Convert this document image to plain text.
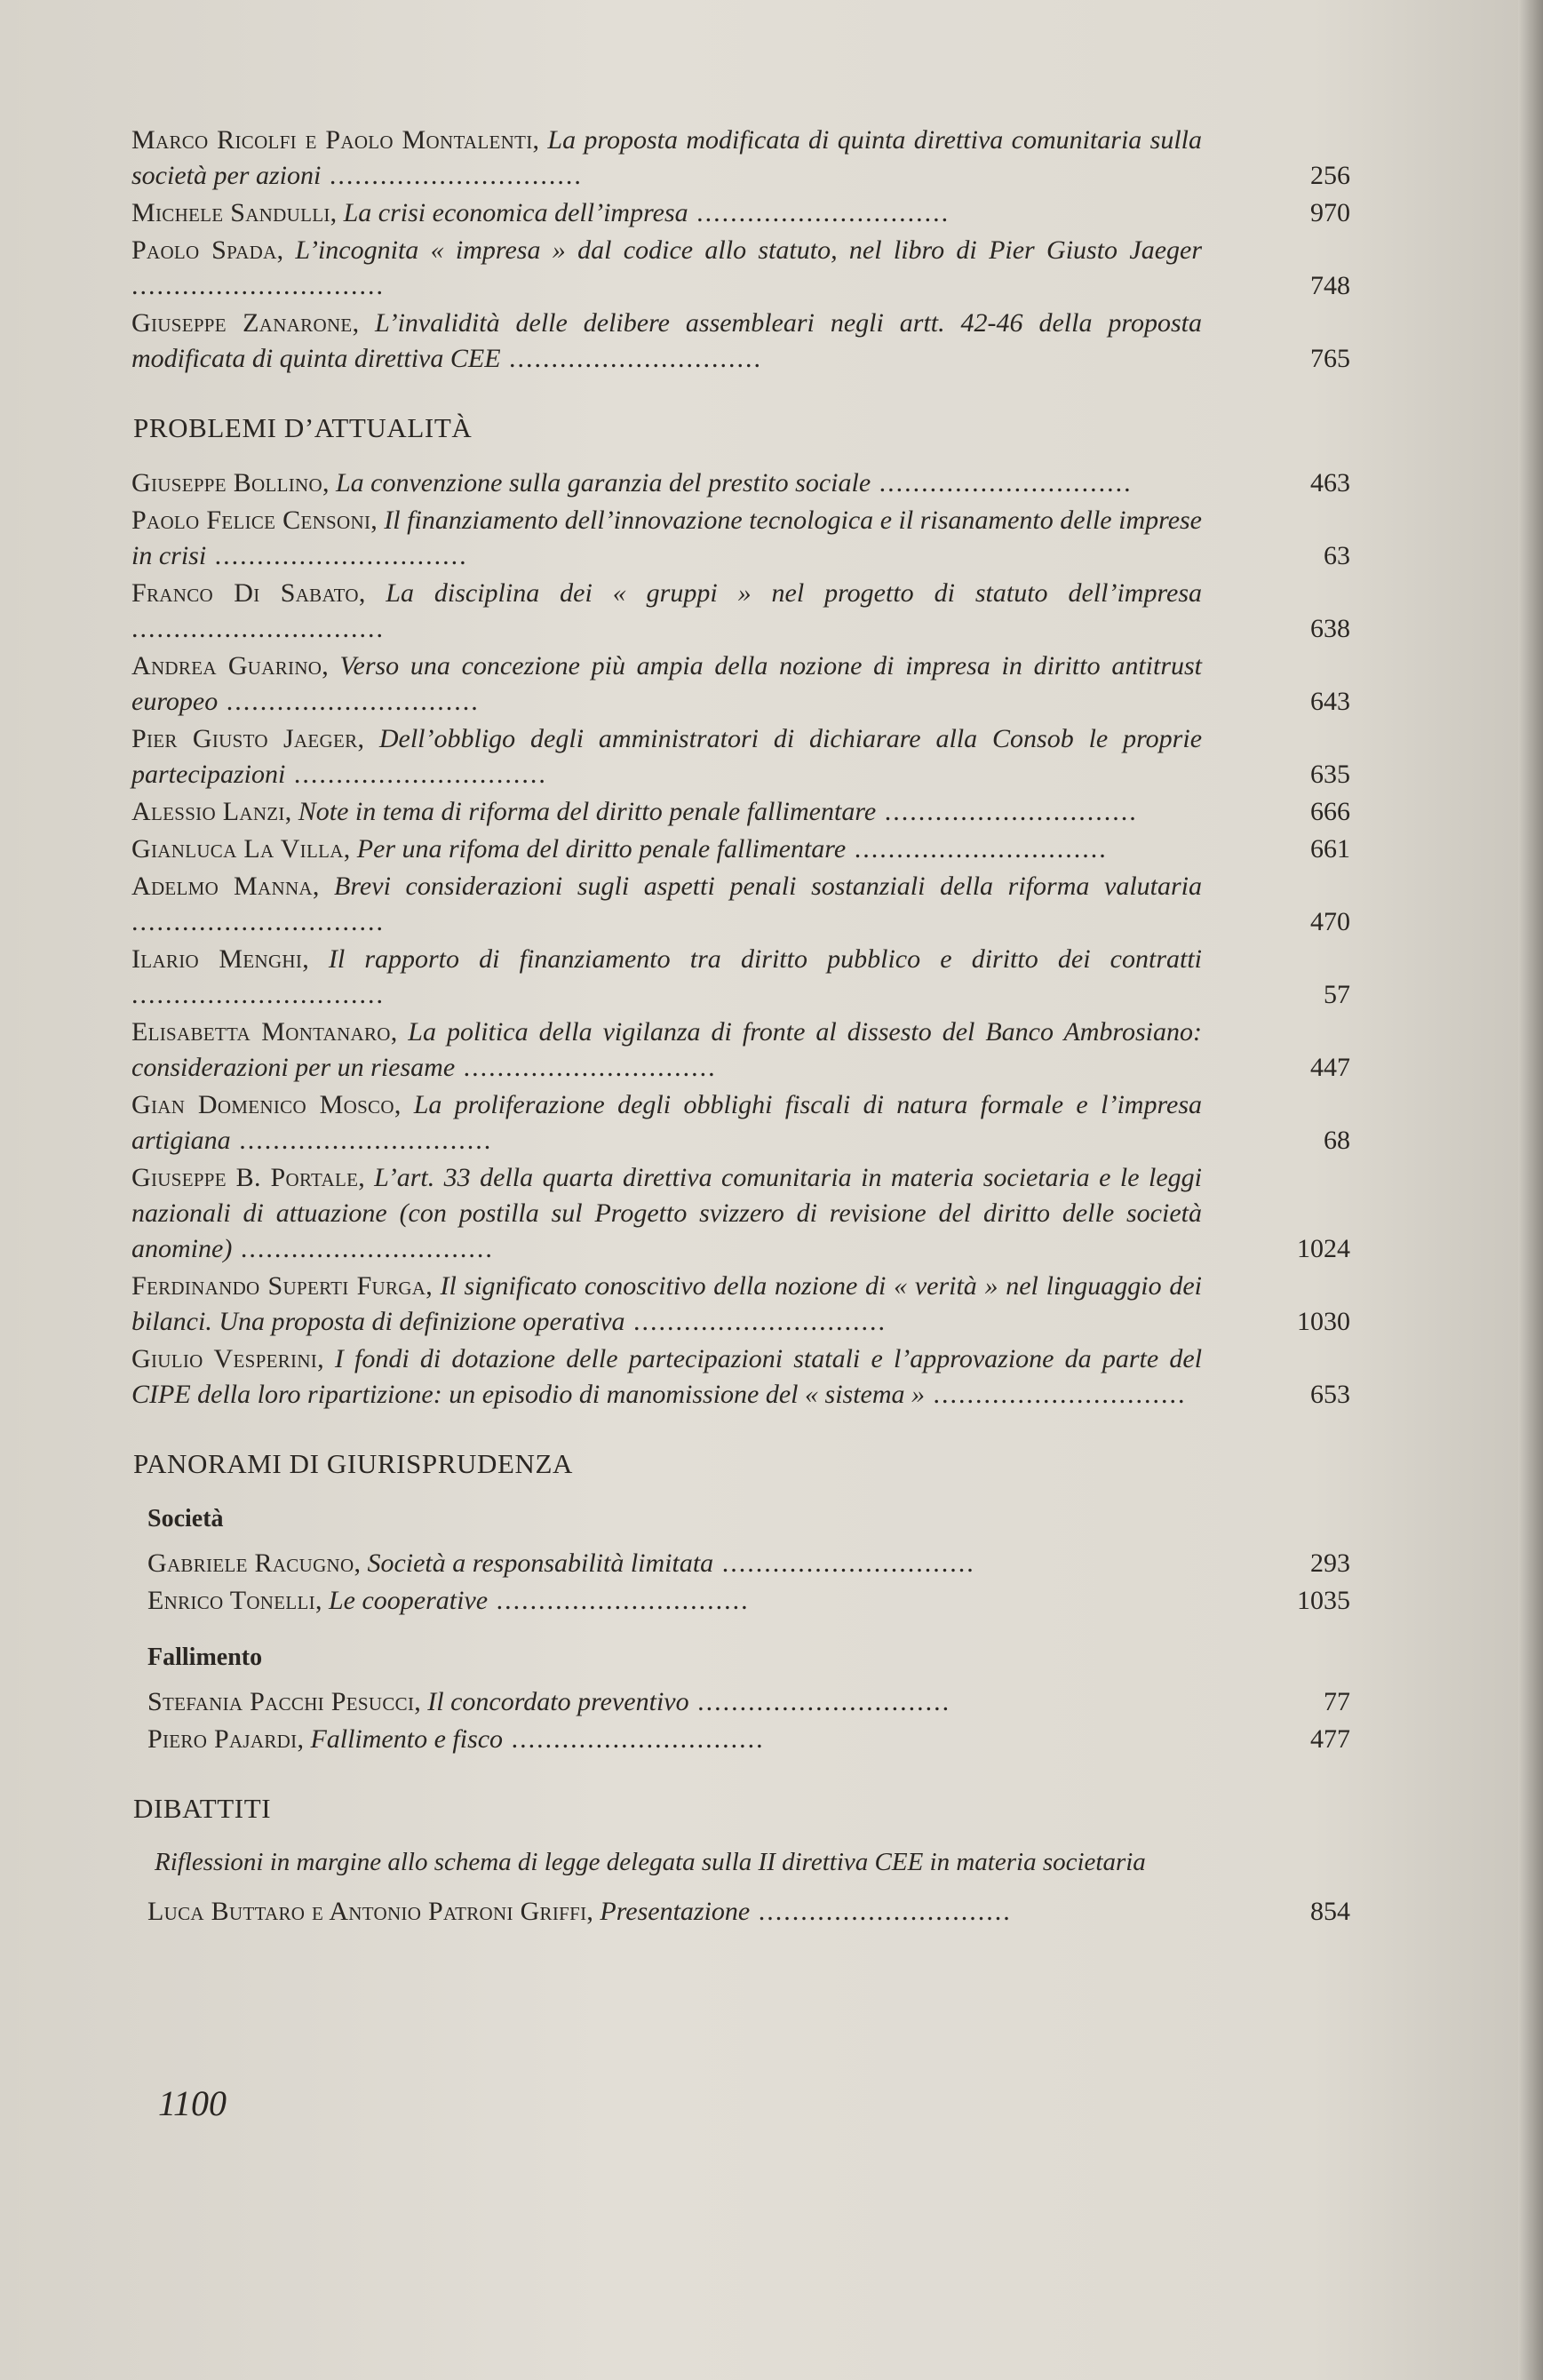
Marco Ricolfi e Paolo Montalenti, La proposta modificata di quinta direttiva comunitaria sulla società per azioni ..............................	256
Michele Sandulli, La crisi economica dell’impresa ..............................	970
Paolo Spada, L’incognita « impresa » dal codice allo statuto, nel libro di Pier Giusto Jaeger ..............................	748
Giuseppe Zanarone, L’invalidità delle delibere assembleari negli artt. 42-46 della proposta modificata di quinta direttiva CEE ..............................	765
PROBLEMI D’ATTUALITÀ
Giuseppe Bollino, La convenzione sulla garanzia del prestito sociale ..............................	463
Paolo Felice Censoni, Il finanziamento dell’innovazione tecnologica e il risanamento delle imprese in crisi ..............................	63
Franco Di Sabato, La disciplina dei « gruppi » nel progetto di statuto dell’impresa ..............................	638
Andrea Guarino, Verso una concezione più ampia della nozione di impresa in diritto antitrust europeo ..............................	643
Pier Giusto Jaeger, Dell’obbligo degli amministratori di dichiarare alla Consob le proprie partecipazioni ..............................	635
Alessio Lanzi, Note in tema di riforma del diritto penale fallimentare ..............................	666
Gianluca La Villa, Per una rifoma del diritto penale fallimentare ..............................	661
Adelmo Manna, Brevi considerazioni sugli aspetti penali sostanziali della riforma valutaria ..............................	470
Ilario Menghi, Il rapporto di finanziamento tra diritto pubblico e diritto dei contratti ..............................	57
Elisabetta Montanaro, La politica della vigilanza di fronte al dissesto del Banco Ambrosiano: considerazioni per un riesame ..............................	447
Gian Domenico Mosco, La proliferazione degli obblighi fiscali di natura formale e l’impresa artigiana ..............................	68
Giuseppe B. Portale, L’art. 33 della quarta direttiva comunitaria in materia societaria e le leggi nazionali di attuazione (con postilla sul Progetto svizzero di revisione del diritto delle società anomine) ..............................	1024
Ferdinando Superti Furga, Il significato conoscitivo della nozione di « verità » nel linguaggio dei bilanci. Una proposta di definizione operativa ..............................	1030
Giulio Vesperini, I fondi di dotazione delle partecipazioni statali e l’approvazione da parte del CIPE della loro ripartizione: un episodio di manomissione del « sistema » ..............................	653
PANORAMI DI GIURISPRUDENZA
Società
Gabriele Racugno, Società a responsabilità limitata ..............................	293
Enrico Tonelli, Le cooperative ..............................	1035
Fallimento
Stefania Pacchi Pesucci, Il concordato preventivo ..............................	77
Piero Pajardi, Fallimento e fisco ..............................	477
DIBATTITI
Riflessioni in margine allo schema di legge delegata sulla II direttiva CEE in materia societaria
Luca Buttaro e Antonio Patroni Griffi, Presentazione ..............................	854
1100
